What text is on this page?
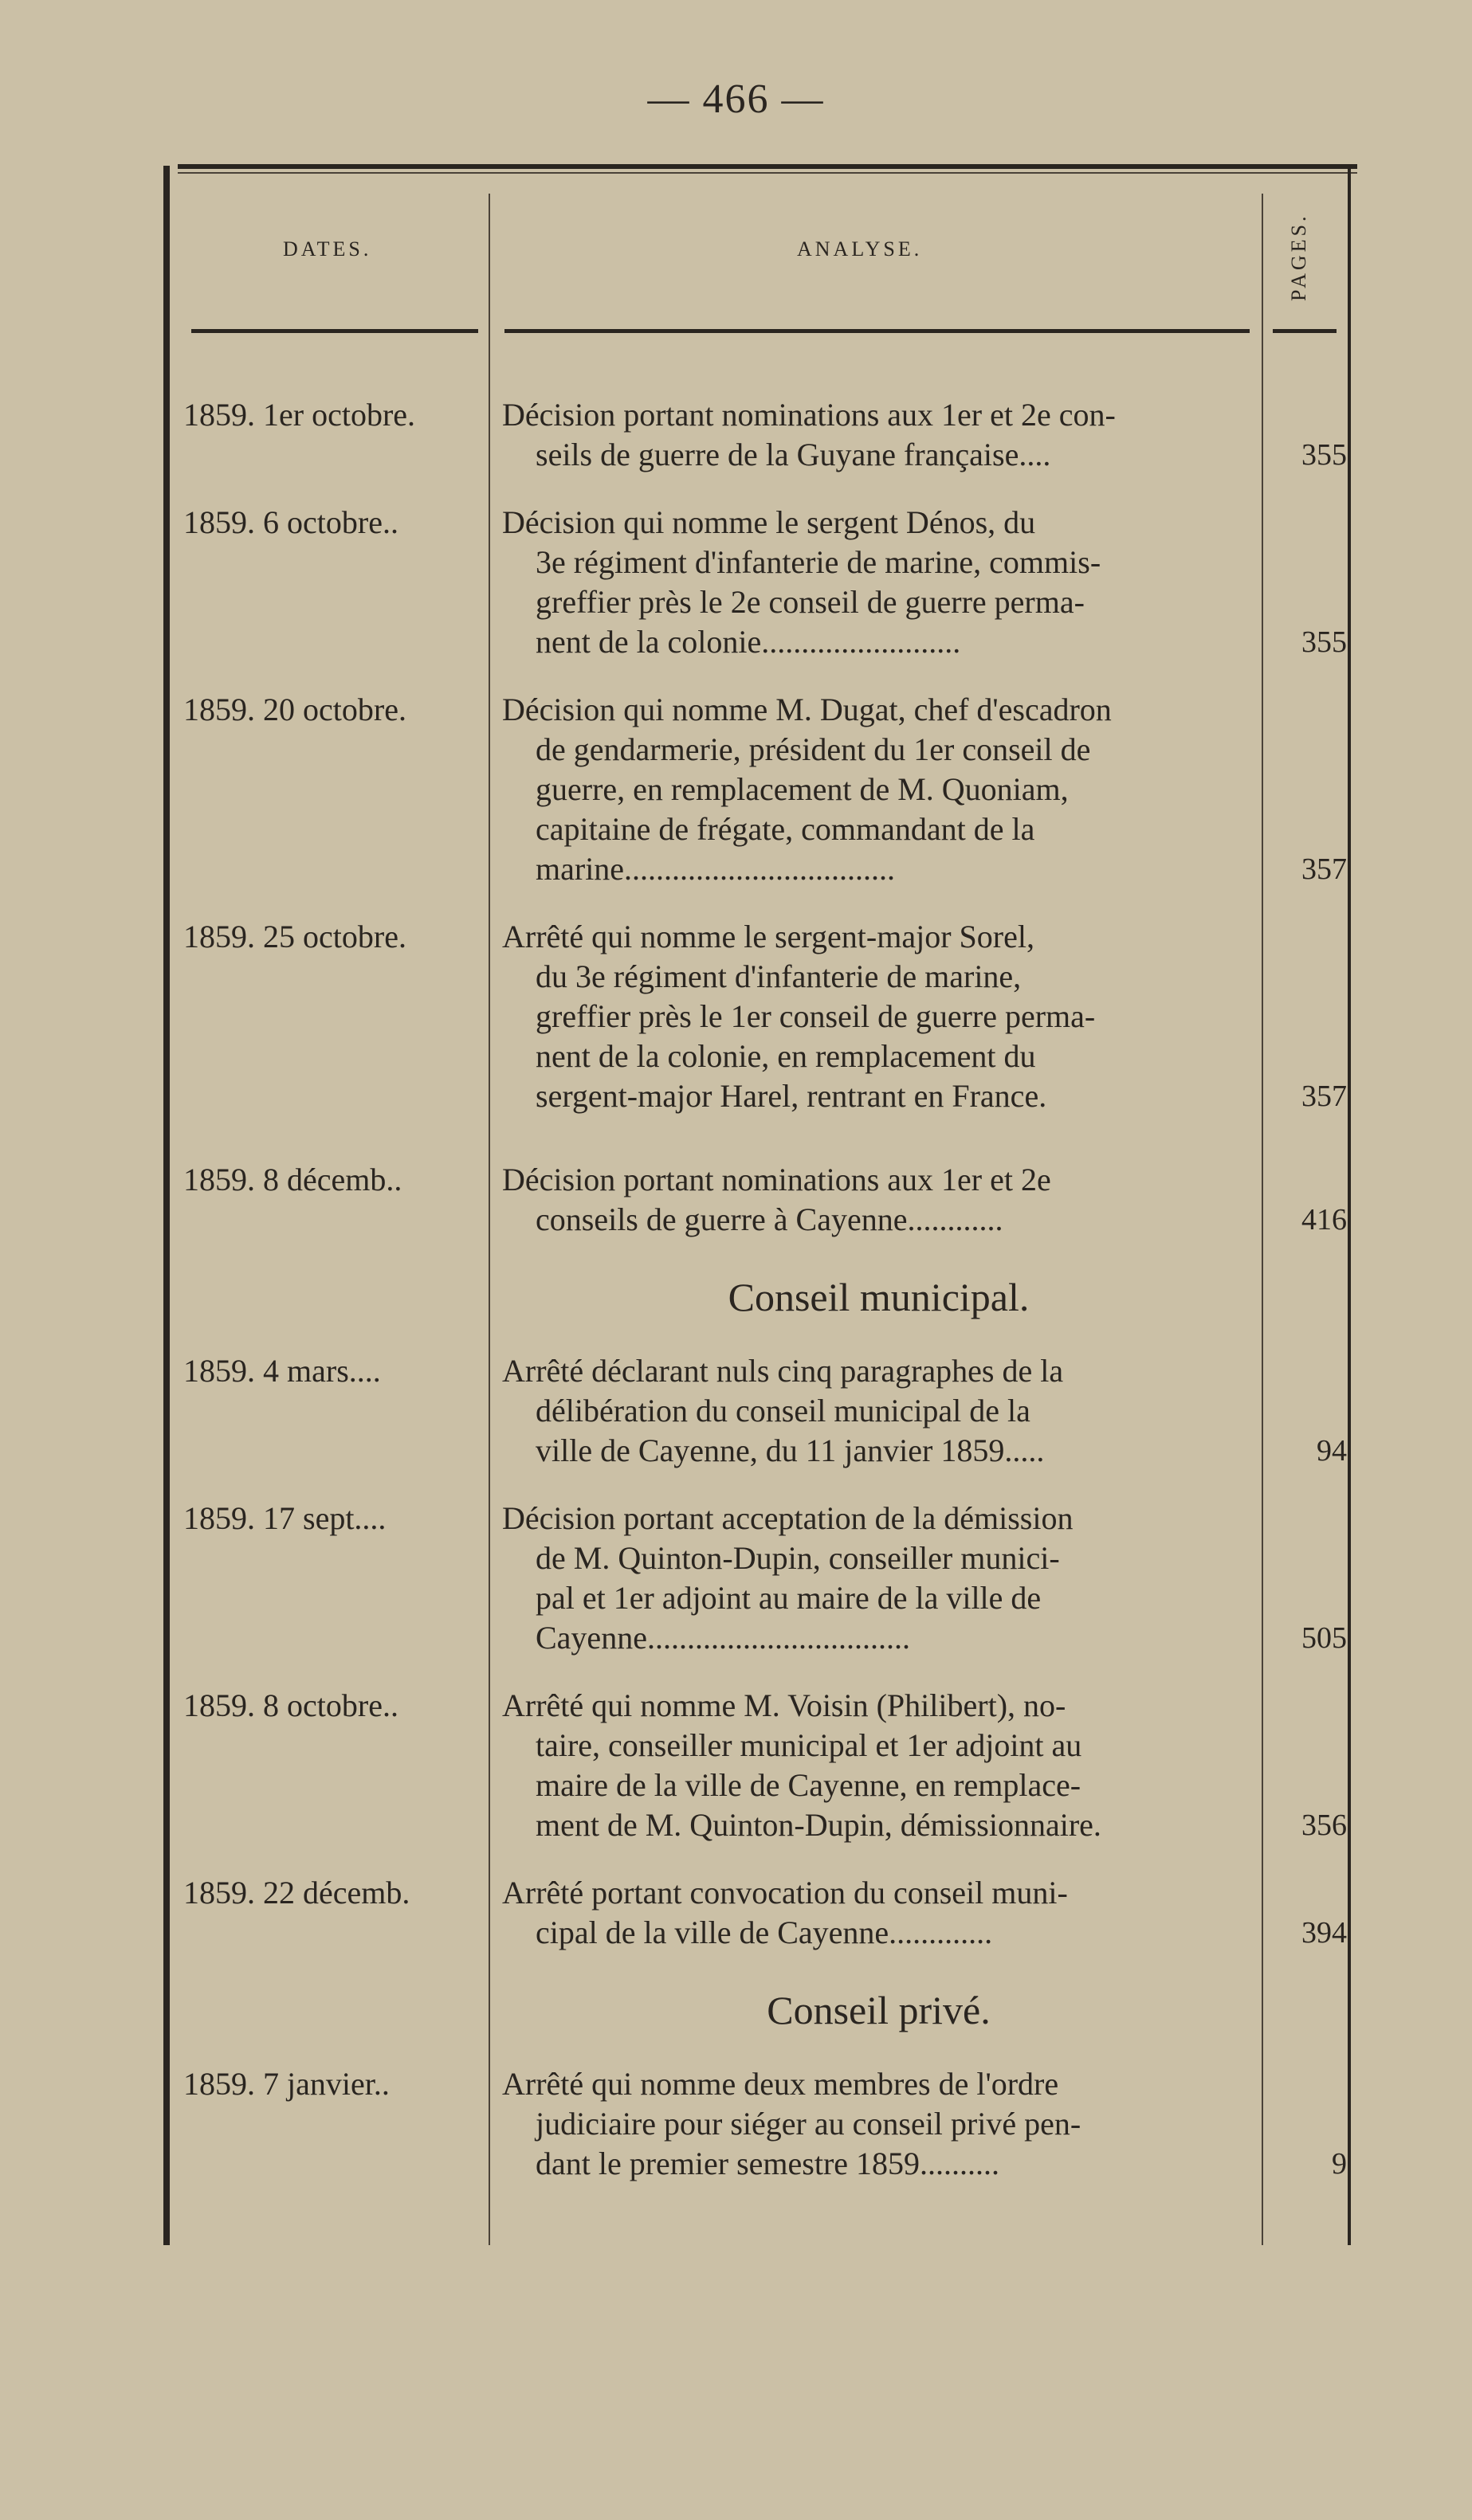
— 466 —
DATES.	ANALYSE.	PAGES.
1859. 1er octobre.	Décision portant nominations aux 1er et 2e con-
seils de guerre de la Guyane française....	355
1859. 6 octobre..	Décision qui nomme le sergent Dénos, du
3e régiment d'infanterie de marine, commis-
greffier près le 2e conseil de guerre perma-
nent de la colonie.........................	355
1859. 20 octobre.	Décision qui nomme M. Dugat, chef d'escadron
de gendarmerie, président du 1er conseil de
guerre, en remplacement de M. Quoniam,
capitaine de frégate, commandant de la
marine..................................	357
1859. 25 octobre.	Arrêté qui nomme le sergent-major Sorel,
du 3e régiment d'infanterie de marine,
greffier près le 1er conseil de guerre perma-
nent de la colonie, en remplacement du
sergent-major Harel, rentrant en France.	357
1859. 8 décemb..	Décision portant nominations aux 1er et 2e
conseils de guerre à Cayenne............	416
Conseil municipal.
1859. 4 mars....	Arrêté déclarant nuls cinq paragraphes de la
délibération du conseil municipal de la
ville de Cayenne, du 11 janvier 1859.....	94
1859. 17 sept....	Décision portant acceptation de la démission
de M. Quinton-Dupin, conseiller munici-
pal et 1er adjoint au maire de la ville de
Cayenne.................................	505
1859. 8 octobre..	Arrêté qui nomme M. Voisin (Philibert), no-
taire, conseiller municipal et 1er adjoint au
maire de la ville de Cayenne, en remplace-
ment de M. Quinton-Dupin, démissionnaire.	356
1859. 22 décemb.	Arrêté portant convocation du conseil muni-
cipal de la ville de Cayenne.............	394
Conseil privé.
1859. 7 janvier..	Arrêté qui nomme deux membres de l'ordre
judiciaire pour siéger au conseil privé pen-
dant le premier semestre 1859..........	9
